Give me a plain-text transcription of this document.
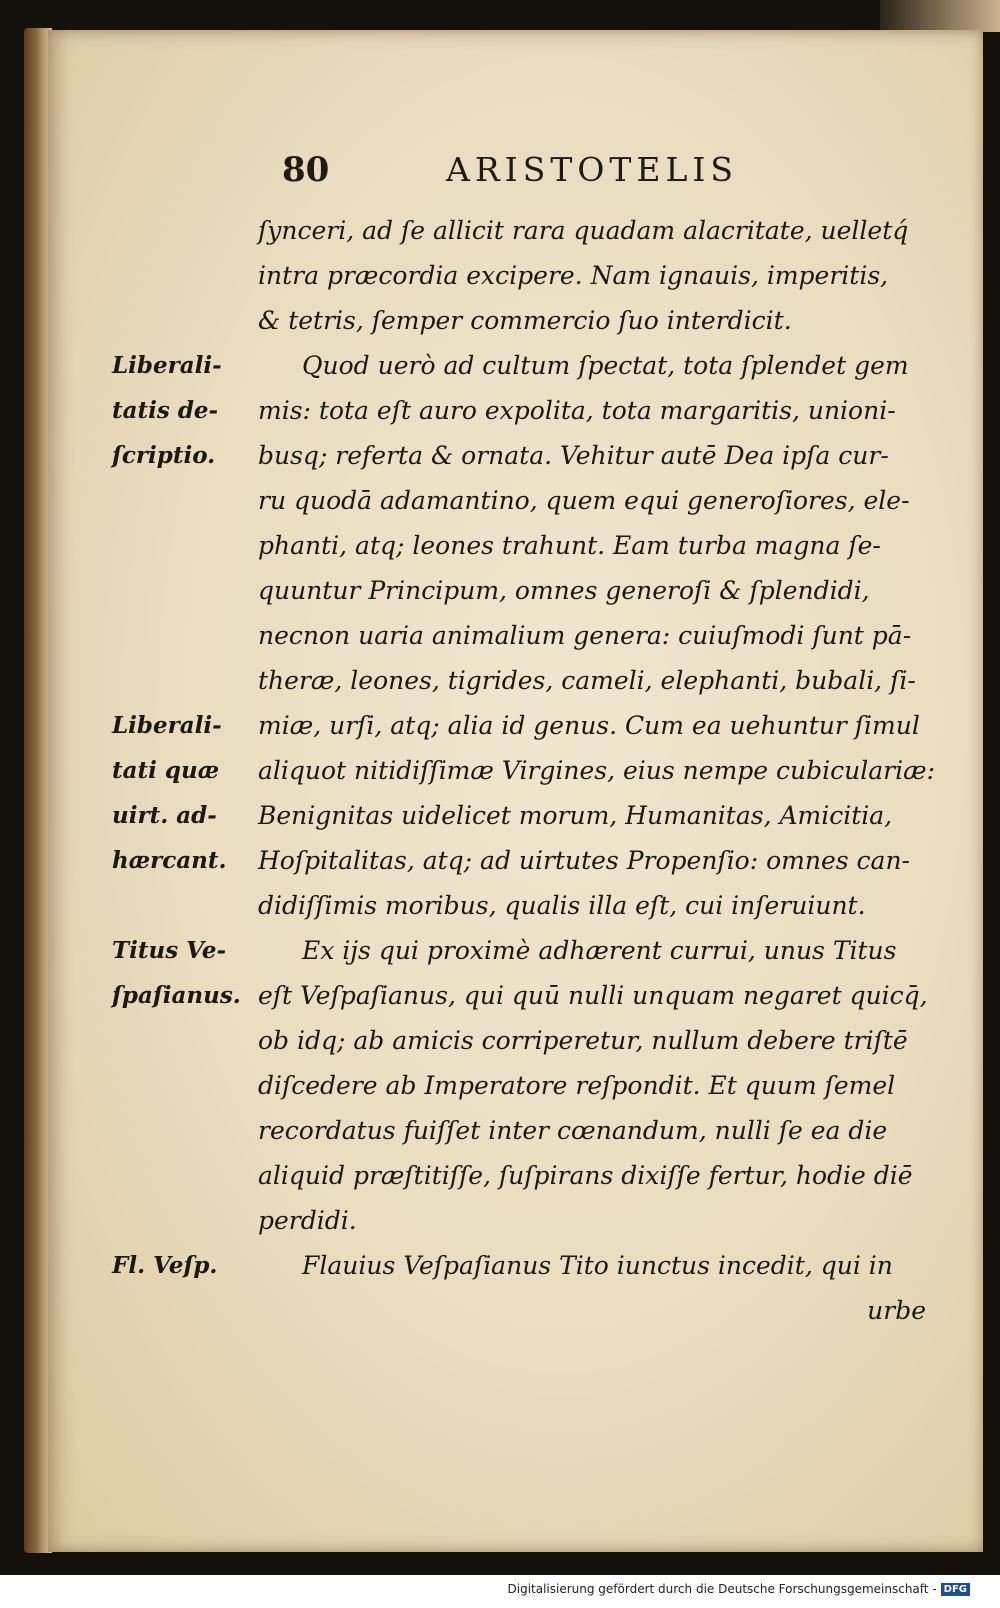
80	ARISTOTELIS
ſynceri, ad ſe allicit rara quadam alacritate, uelletq́
intra præcordia excipere. Nam ignauis, imperitis,
& tetris, ſemper commercio ſuo interdicit.
Quod uerò ad cultum ſpectat, tota ſplendet gem
mis: tota eſt auro expolita, tota margaritis, unioni-
busq; referta & ornata. Vehitur autē Dea ipſa cur-
ru quodā adamantino, quem equi generoſiores, ele-
phanti, atq; leones trahunt. Eam turba magna ſe-
quuntur Principum, omnes generoſi & ſplendidi,
necnon uaria animalium genera: cuiuſmodi ſunt pā-
theræ, leones, tigrides, cameli, elephanti, bubali, ſi-
miæ, urſi, atq; alia id genus. Cum ea uehuntur ſimul
aliquot nitidiſſimæ Virgines, eius nempe cubiculariæ:
Benignitas uidelicet morum, Humanitas, Amicitia,
Hoſpitalitas, atq; ad uirtutes Propenſio: omnes can-
didiſſimis moribus, qualis illa eſt, cui inſeruiunt.
Ex ijs qui proximè adhærent currui, unus Titus
eſt Veſpaſianus, qui quū nulli unquam negaret quicq̄,
ob idq; ab amicis corriperetur, nullum debere triſtē
diſcedere ab Imperatore reſpondit. Et quum ſemel
recordatus fuiſſet inter cœnandum, nulli ſe ea die
aliquid præſtitiſſe, ſuſpirans dixiſſe fertur, hodie diē
perdidi.
Flauius Veſpaſianus Tito iunctus incedit, qui in
urbe
Liberali-
tatis de-
ſcriptio.
Liberali-
tati quæ
uirt. ad-
hærcant.
Titus Ve-
ſpaſianus.
Fl. Veſp.
Digitalisierung gefördert durch die Deutsche Forschungsgemeinschaft - DFG
